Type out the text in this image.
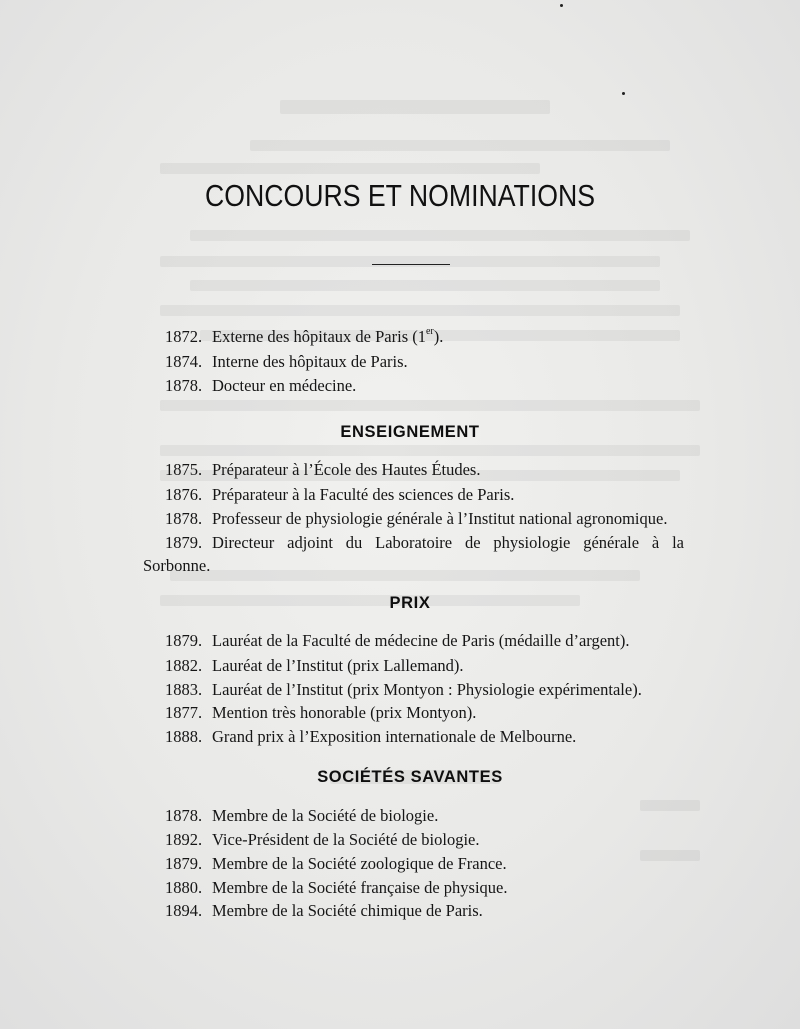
CONCOURS ET NOMINATIONS
1872. Externe des hôpitaux de Paris (1er).
1874. Interne des hôpitaux de Paris.
1878. Docteur en médecine.
ENSEIGNEMENT
1875. Préparateur à l’École des Hautes Études.
1876. Préparateur à la Faculté des sciences de Paris.
1878. Professeur de physiologie générale à l’Institut national agronomique.
1879. Directeur adjoint du Laboratoire de physiologie générale à la
Sorbonne.
PRIX
1879. Lauréat de la Faculté de médecine de Paris (médaille d’argent).
1882. Lauréat de l’Institut (prix Lallemand).
1883. Lauréat de l’Institut (prix Montyon : Physiologie expérimentale).
1877. Mention très honorable (prix Montyon).
1888. Grand prix à l’Exposition internationale de Melbourne.
SOCIÉTÉS SAVANTES
1878. Membre de la Société de biologie.
1892. Vice-Président de la Société de biologie.
1879. Membre de la Société zoologique de France.
1880. Membre de la Société française de physique.
1894. Membre de la Société chimique de Paris.
